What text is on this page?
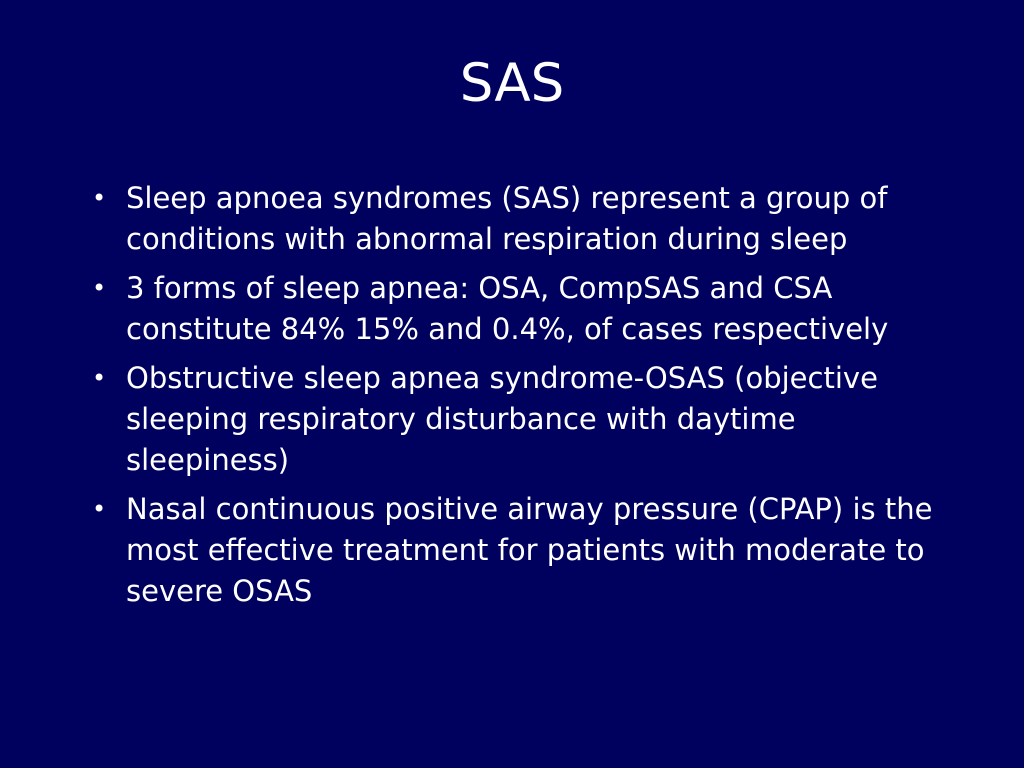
SAS
• Sleep apnoea syndromes (SAS) represent a group of conditions with abnormal respiration during sleep
• 3 forms of sleep apnea: OSA, CompSAS and CSA constitute 84% 15% and 0.4%, of cases respectively
• Obstructive sleep apnea syndrome-OSAS (objective sleeping respiratory disturbance with daytime sleepiness)
• Nasal continuous positive airway pressure (CPAP) is the most effective treatment for patients with moderate to severe OSAS
